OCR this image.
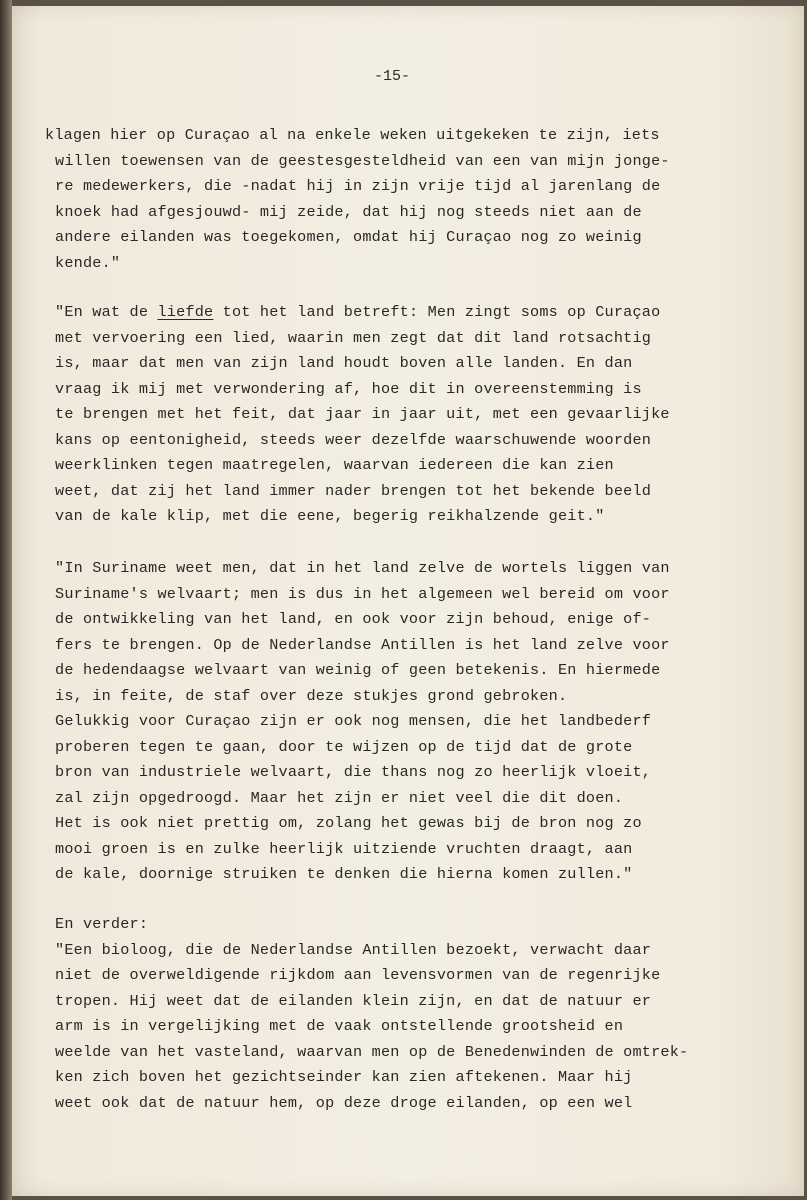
-15-

klagen hier op Curaçao al na enkele weken uitgekeken te zijn, iets

willen toewensen van de geestesgesteldheid van een van mijn jonge-

re medewerkers, die -nadat hij in zijn vrije tijd al jarenlang de

knoek had afgesjouwd- mij zeide, dat hij nog steeds niet aan de

andere eilanden was toegekomen, omdat hij Curaçao nog zo weinig

kende."

"En wat de liefde tot het land betreft: Men zingt soms op Curaçao

met vervoering een lied, waarin men zegt dat dit land rotsachtig

is, maar dat men van zijn land houdt boven alle landen. En dan

vraag ik mij met verwondering af, hoe dit in overeenstemming is

te brengen met het feit, dat jaar in jaar uit, met een gevaarlijke

kans op eentonigheid, steeds weer dezelfde waarschuwende woorden

weerklinken tegen maatregelen, waarvan iedereen die kan zien

weet, dat zij het land immer nader brengen tot het bekende beeld

van de kale klip, met die eene, begerig reikhalzende geit."

"In Suriname weet men, dat in het land zelve de wortels liggen van

Suriname's welvaart; men is dus in het algemeen wel bereid om voor

de ontwikkeling van het land, en ook voor zijn behoud, enige of-

fers te brengen. Op de Nederlandse Antillen is het land zelve voor

de hedendaagse welvaart van weinig of geen betekenis. En hiermede

is, in feite, de staf over deze stukjes grond gebroken.

Gelukkig voor Curaçao zijn er ook nog mensen, die het landbederf

proberen tegen te gaan, door te wijzen op de tijd dat de grote

bron van industriele welvaart, die thans nog zo heerlijk vloeit,

zal zijn opgedroogd. Maar het zijn er niet veel die dit doen.

Het is ook niet prettig om, zolang het gewas bij de bron nog zo

mooi groen is en zulke heerlijk uitziende vruchten draagt, aan

de kale, doornige struiken te denken die hierna komen zullen."

En verder:

"Een bioloog, die de Nederlandse Antillen bezoekt, verwacht daar

niet de overweldigende rijkdom aan levensvormen van de regenrijke

tropen. Hij weet dat de eilanden klein zijn, en dat de natuur er

arm is in vergelijking met de vaak ontstellende grootsheid en

weelde van het vasteland, waarvan men op de Benedenwinden de omtrek-

ken zich boven het gezichtseinder kan zien aftekenen. Maar hij

weet ook dat de natuur hem, op deze droge eilanden, op een wel
